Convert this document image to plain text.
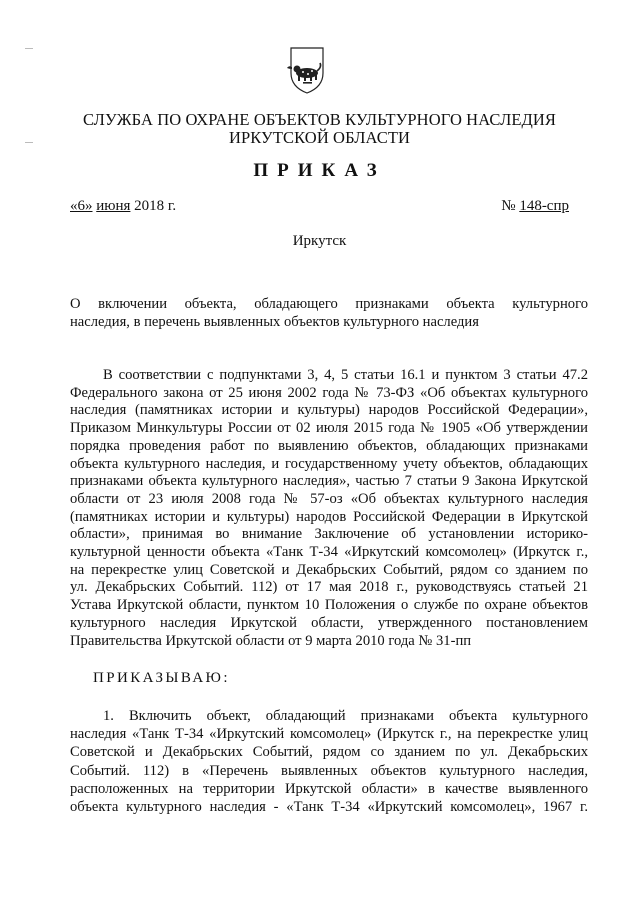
СЛУЖБА ПО ОХРАНЕ ОБЪЕКТОВ КУЛЬТУРНОГО НАСЛЕДИЯ
ИРКУТСКОЙ ОБЛАСТИ
ПРИКАЗ
«6» июня 2018 г.	№ 148-спр
Иркутск
О включении объекта, обладающего признаками объекта культурного
наследия, в перечень выявленных объектов культурного наследия
В соответствии с подпунктами 3, 4, 5 статьи 16.1 и пунктом 3 статьи 47.2
Федерального закона от 25 июня 2002 года № 73-ФЗ «Об объектах культурного
наследия (памятниках истории и культуры) народов Российской Федерации»,
Приказом Минкультуры России от 02 июля 2015 года № 1905 «Об утверждении
порядка проведения работ по выявлению объектов, обладающих признаками
объекта культурного наследия, и государственному учету объектов, обладающих
признаками объекта культурного наследия», частью 7 статьи 9 Закона Иркутской
области от 23 июля 2008 года № 57-оз «Об объектах культурного наследия
(памятниках истории и культуры) народов Российской Федерации в Иркутской
области», принимая во внимание Заключение об установлении историко-
культурной ценности объекта «Танк Т-34 «Иркутский комсомолец» (Иркутск г.,
на перекрестке улиц Советской и Декабрьских Событий, рядом со зданием по
ул. Декабрьских Событий. 112) от 17 мая 2018 г., руководствуясь статьей 21
Устава Иркутской области, пунктом 10 Положения о службе по охране объектов
культурного наследия Иркутской области, утвержденного постановлением
Правительства Иркутской области от 9 марта 2010 года № 31-пп
ПРИКАЗЫВАЮ:
1. Включить объект, обладающий признаками объекта культурного
наследия «Танк Т-34 «Иркутский комсомолец» (Иркутск г., на перекрестке улиц
Советской и Декабрьских Событий, рядом со зданием по ул. Декабрьских
Событий. 112) в «Перечень выявленных объектов культурного наследия,
расположенных на территории Иркутской области» в качестве выявленного
объекта культурного наследия - «Танк Т-34 «Иркутский комсомолец», 1967 г.
